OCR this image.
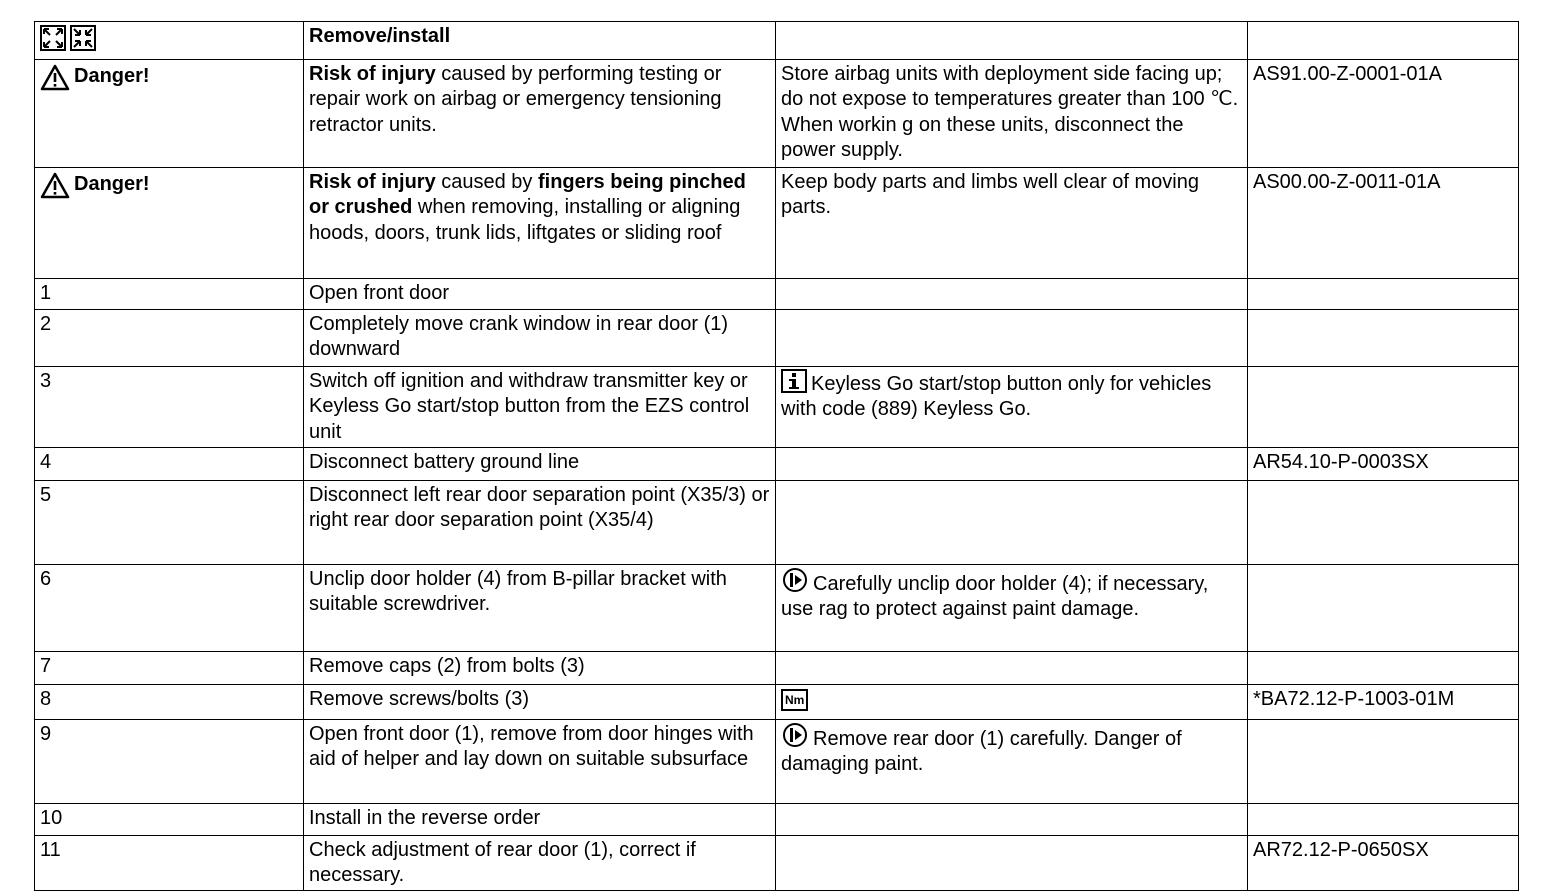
	Remove/install		

Danger!	Risk of injury caused by performing testing or repair work on airbag or emergency tensioning retractor units.	Store airbag units with deployment side facing up; do not expose to temperatures greater than 100 ℃. When workin g on these units, disconnect the power supply.	AS91.00-Z-0001-01A

Danger!	Risk of injury caused by fingers being pinched or crushed when removing, installing or aligning hoods, doors, trunk lids, liftgates or sliding roof	Keep body parts and limbs well clear of moving parts.	AS00.00-Z-0011-01A
1	Open front door		
2	Completely move crank window in rear door (1) downward		
3	Switch off ignition and withdraw transmitter key or Keyless Go start/stop button from the EZS control unit	Keyless Go start/stop button only for vehicles with code (889) Keyless Go.	
4	Disconnect battery ground line		AR54.10-P-0003SX
5	Disconnect left rear door separation point (X35/3) or right rear door separation point (X35/4)		
6	Unclip door holder (4) from B-pillar bracket with suitable screwdriver.	Carefully unclip door holder (4); if necessary, use rag to protect against paint damage.	
7	Remove caps (2) from bolts (3)		
8	Remove screws/bolts (3)	Nm	*BA72.12-P-1003-01M
9	Open front door (1), remove from door hinges with aid of helper and lay down on suitable subsurface	Remove rear door (1) carefully. Danger of damaging paint.	
10	Install in the reverse order		
11	Check adjustment of rear door (1), correct if necessary.		AR72.12-P-0650SX
